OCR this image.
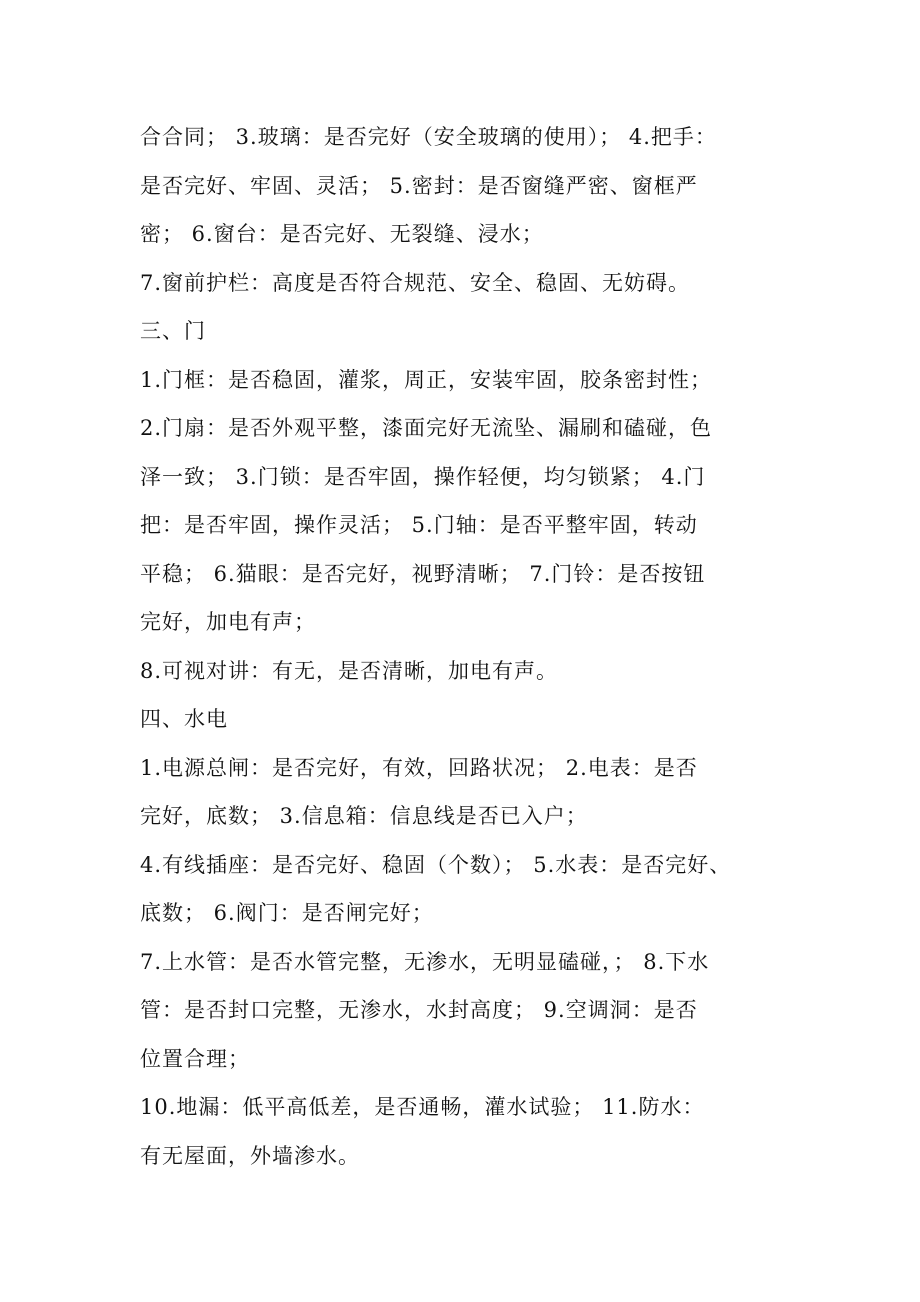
合合同； 3.玻璃：是否完好（安全玻璃的使用）； 4.把手：
是否完好、牢固、灵活； 5.密封：是否窗缝严密、窗框严
密； 6.窗台：是否完好、无裂缝、浸水；
7.窗前护栏：高度是否符合规范、安全、稳固、无妨碍。
三、门
1.门框：是否稳固，灌浆，周正，安装牢固，胶条密封性；
2.门扇：是否外观平整，漆面完好无流坠、漏刷和磕碰，色
泽一致； 3.门锁：是否牢固，操作轻便，均匀锁紧； 4.门
把：是否牢固，操作灵活； 5.门轴：是否平整牢固，转动
平稳； 6.猫眼：是否完好，视野清晰； 7.门铃：是否按钮
完好，加电有声；
8.可视对讲：有无，是否清晰，加电有声。
四、水电
1.电源总闸：是否完好，有效，回路状况； 2.电表：是否
完好，底数； 3.信息箱：信息线是否已入户；
4.有线插座：是否完好、稳固（个数）； 5.水表：是否完好、
底数； 6.阀门：是否闸完好；
7.上水管：是否水管完整，无渗水，无明显磕碰，； 8.下水
管：是否封口完整，无渗水，水封高度； 9.空调洞：是否
位置合理；
10.地漏：低平高低差，是否通畅，灌水试验； 11.防水：
有无屋面，外墙渗水。
